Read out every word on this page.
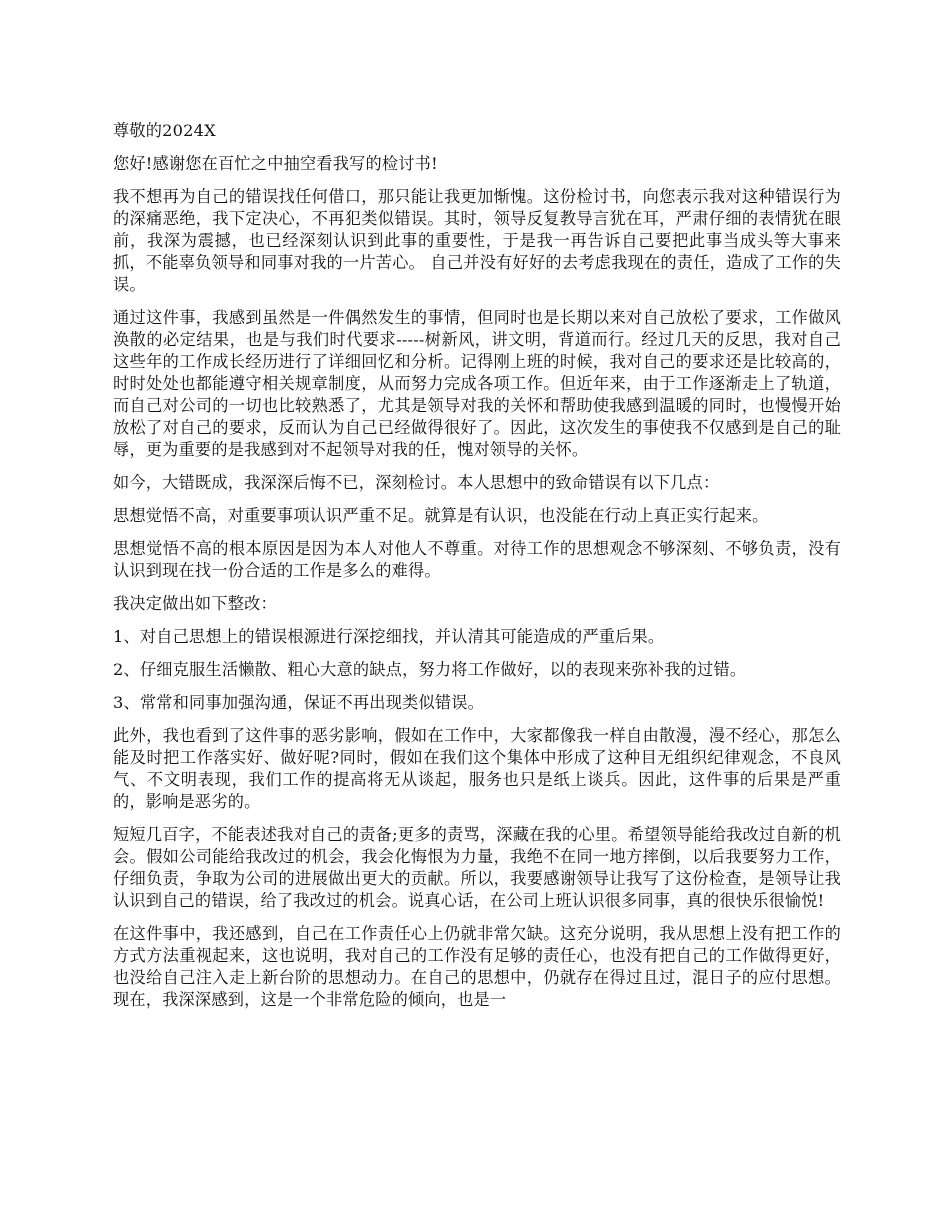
尊敬的2024X

您好!感谢您在百忙之中抽空看我写的检讨书!

我不想再为自己的错误找任何借口，那只能让我更加惭愧。这份检讨书，向您表示我对这种错误行为的深痛恶绝，我下定决心，不再犯类似错误。其时，领导反复教导言犹在耳，严肃仔细的表情犹在眼前，我深为震撼，也已经深刻认识到此事的重要性，于是我一再告诉自己要把此事当成头等大事来抓，不能辜负领导和同事对我的一片苦心。 自己并没有好好的去考虑我现在的责任，造成了工作的失误。

通过这件事，我感到虽然是一件偶然发生的事情，但同时也是长期以来对自己放松了要求，工作做风涣散的必定结果，也是与我们时代要求-----树新风，讲文明，背道而行。经过几天的反思，我对自己这些年的工作成长经历进行了详细回忆和分析。记得刚上班的时候，我对自己的要求还是比较高的，时时处处也都能遵守相关规章制度，从而努力完成各项工作。但近年来，由于工作逐渐走上了轨道，而自己对公司的一切也比较熟悉了，尤其是领导对我的关怀和帮助使我感到温暖的同时，也慢慢开始放松了对自己的要求，反而认为自己已经做得很好了。因此，这次发生的事使我不仅感到是自己的耻辱，更为重要的是我感到对不起领导对我的任，愧对领导的关怀。

如今，大错既成，我深深后悔不已，深刻检讨。本人思想中的致命错误有以下几点：

思想觉悟不高，对重要事项认识严重不足。就算是有认识，也没能在行动上真正实行起来。

思想觉悟不高的根本原因是因为本人对他人不尊重。对待工作的思想观念不够深刻、不够负责，没有认识到现在找一份合适的工作是多么的难得。

我决定做出如下整改：

1、对自己思想上的错误根源进行深挖细找，并认清其可能造成的严重后果。

2、仔细克服生活懒散、粗心大意的缺点，努力将工作做好，以的表现来弥补我的过错。

3、常常和同事加强沟通，保证不再出现类似错误。

此外，我也看到了这件事的恶劣影响，假如在工作中，大家都像我一样自由散漫，漫不经心，那怎么能及时把工作落实好、做好呢?同时，假如在我们这个集体中形成了这种目无组织纪律观念，不良风气、不文明表现，我们工作的提高将无从谈起，服务也只是纸上谈兵。因此，这件事的后果是严重的，影响是恶劣的。

短短几百字，不能表述我对自己的责备;更多的责骂，深藏在我的心里。希望领导能给我改过自新的机会。假如公司能给我改过的机会，我会化悔恨为力量，我绝不在同一地方摔倒，以后我要努力工作，仔细负责，争取为公司的进展做出更大的贡献。所以，我要感谢领导让我写了这份检查，是领导让我认识到自己的错误，给了我改过的机会。说真心话，在公司上班认识很多同事，真的很快乐很愉悦!

在这件事中，我还感到，自己在工作责任心上仍就非常欠缺。这充分说明，我从思想上没有把工作的方式方法重视起来，这也说明，我对自己的工作没有足够的责任心，也没有把自己的工作做得更好，也没给自己注入走上新台阶的思想动力。在自己的思想中，仍就存在得过且过，混日子的应付思想。现在，我深深感到，这是一个非常危险的倾向，也是一
